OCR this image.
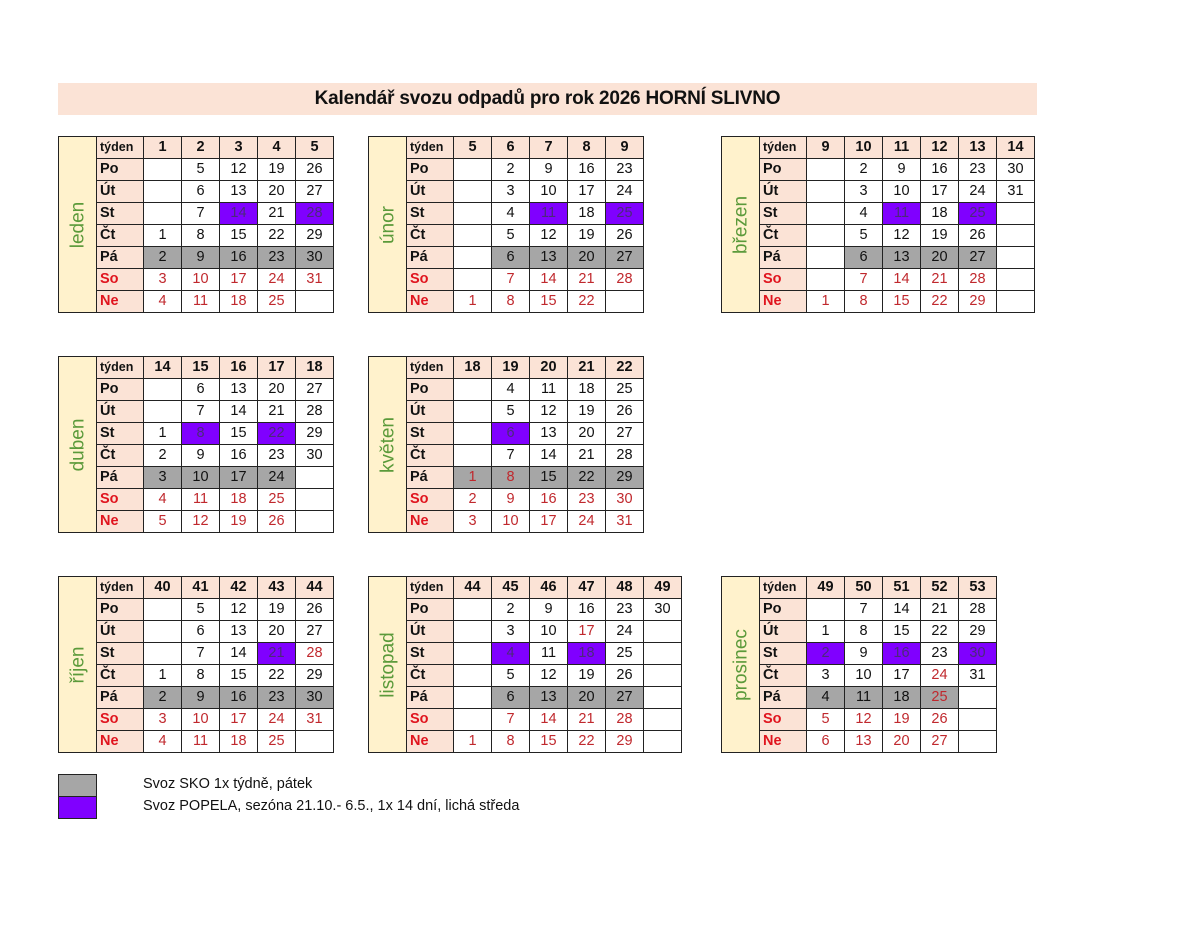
Kalendář svozu odpadů pro rok 2026 HORNÍ SLIVNO
leden	týden	1	2	3	4	5
	Po		5	12	19	26
	Út		6	13	20	27
	St		7	14	21	28
	Čt	1	8	15	22	29
	Pá	2	9	16	23	30
	So	3	10	17	24	31
	Ne	4	11	18	25	
únor	týden	5	6	7	8	9
	Po		2	9	16	23
	Út		3	10	17	24
	St		4	11	18	25
	Čt		5	12	19	26
	Pá		6	13	20	27
	So		7	14	21	28
	Ne	1	8	15	22	
březen	týden	9	10	11	12	13	14
	Po		2	9	16	23	30
	Út		3	10	17	24	31
	St		4	11	18	25	
	Čt		5	12	19	26	
	Pá		6	13	20	27	
	So		7	14	21	28	
	Ne	1	8	15	22	29	
duben	týden	14	15	16	17	18
	Po		6	13	20	27
	Út		7	14	21	28
	St	1	8	15	22	29
	Čt	2	9	16	23	30
	Pá	3	10	17	24	
	So	4	11	18	25	
	Ne	5	12	19	26	
květen	týden	18	19	20	21	22
	Po		4	11	18	25
	Út		5	12	19	26
	St		6	13	20	27
	Čt		7	14	21	28
	Pá	1	8	15	22	29
	So	2	9	16	23	30
	Ne	3	10	17	24	31
říjen	týden	40	41	42	43	44
	Po		5	12	19	26
	Út		6	13	20	27
	St		7	14	21	28
	Čt	1	8	15	22	29
	Pá	2	9	16	23	30
	So	3	10	17	24	31
	Ne	4	11	18	25	
listopad	týden	44	45	46	47	48	49
	Po		2	9	16	23	30
	Út		3	10	17	24	
	St		4	11	18	25	
	Čt		5	12	19	26	
	Pá		6	13	20	27	
	So		7	14	21	28	
	Ne	1	8	15	22	29	
prosinec	týden	49	50	51	52	53
	Po		7	14	21	28
	Út	1	8	15	22	29
	St	2	9	16	23	30
	Čt	3	10	17	24	31
	Pá	4	11	18	25	
	So	5	12	19	26	
	Ne	6	13	20	27	
Svoz SKO 1x týdně, pátek
Svoz POPELA, sezóna 21.10.- 6.5., 1x 14 dní, lichá středa
